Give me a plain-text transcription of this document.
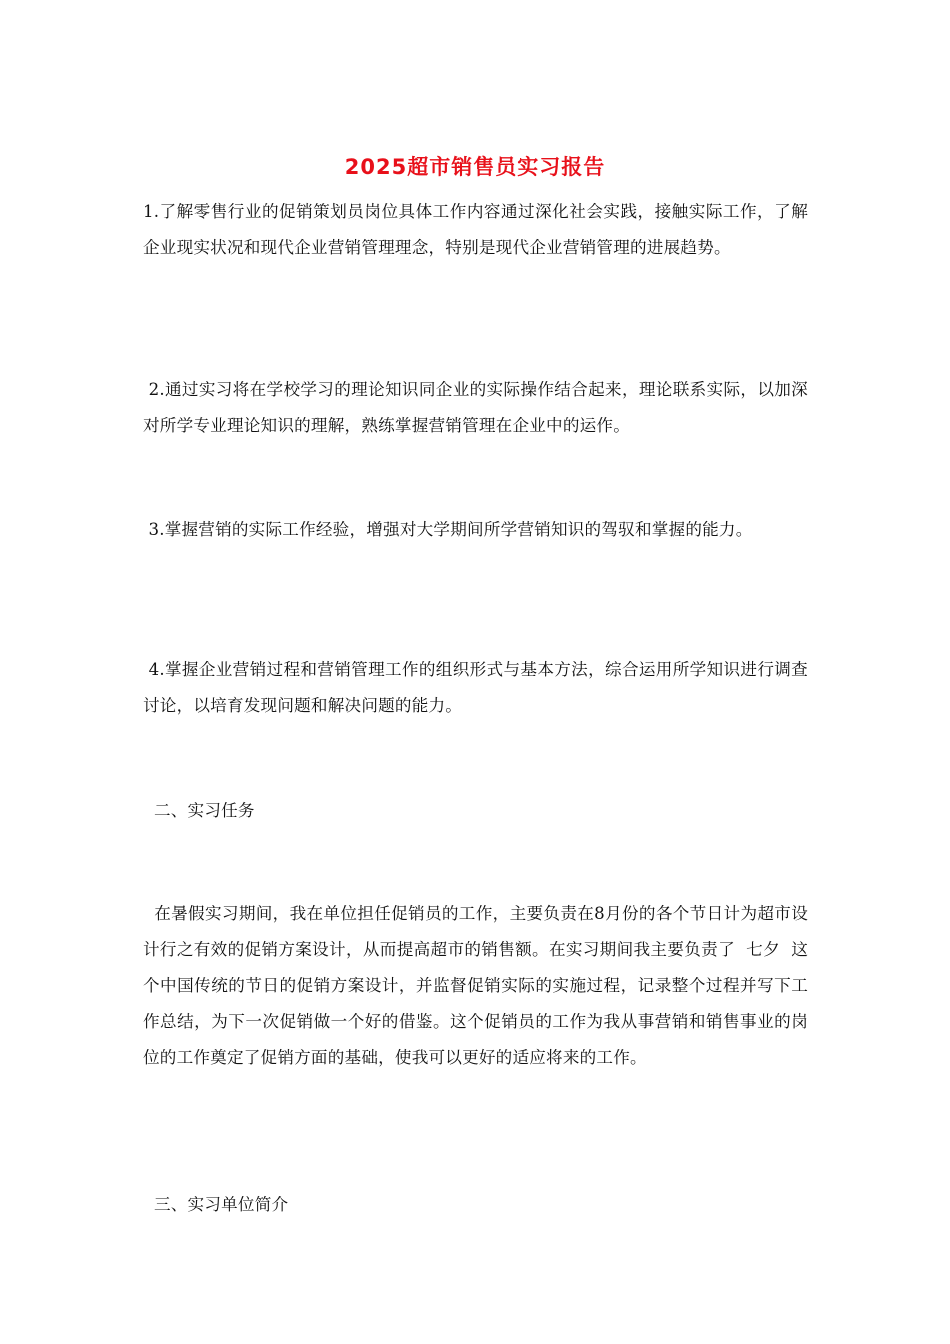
2025超市销售员实习报告

1.了解零售行业的促销策划员岗位具体工作内容通过深化社会实践，接触实际工作，了解企业现实状况和现代企业营销管理理念，特别是现代企业营销管理的进展趋势。

2.通过实习将在学校学习的理论知识同企业的实际操作结合起来，理论联系实际，以加深对所学专业理论知识的理解，熟练掌握营销管理在企业中的运作。

3.掌握营销的实际工作经验，增强对大学期间所学营销知识的驾驭和掌握的能力。

4.掌握企业营销过程和营销管理工作的组织形式与基本方法，综合运用所学知识进行调查讨论，以培育发现问题和解决问题的能力。

二、实习任务

在暑假实习期间，我在单位担任促销员的工作，主要负责在8月份的各个节日计为超市设计行之有效的促销方案设计，从而提高超市的销售额。在实习期间我主要负责了  七夕  这个中国传统的节日的促销方案设计，并监督促销实际的实施过程，记录整个过程并写下工作总结，为下一次促销做一个好的借鉴。这个促销员的工作为我从事营销和销售事业的岗位的工作奠定了促销方面的基础，使我可以更好的适应将来的工作。

三、实习单位简介
